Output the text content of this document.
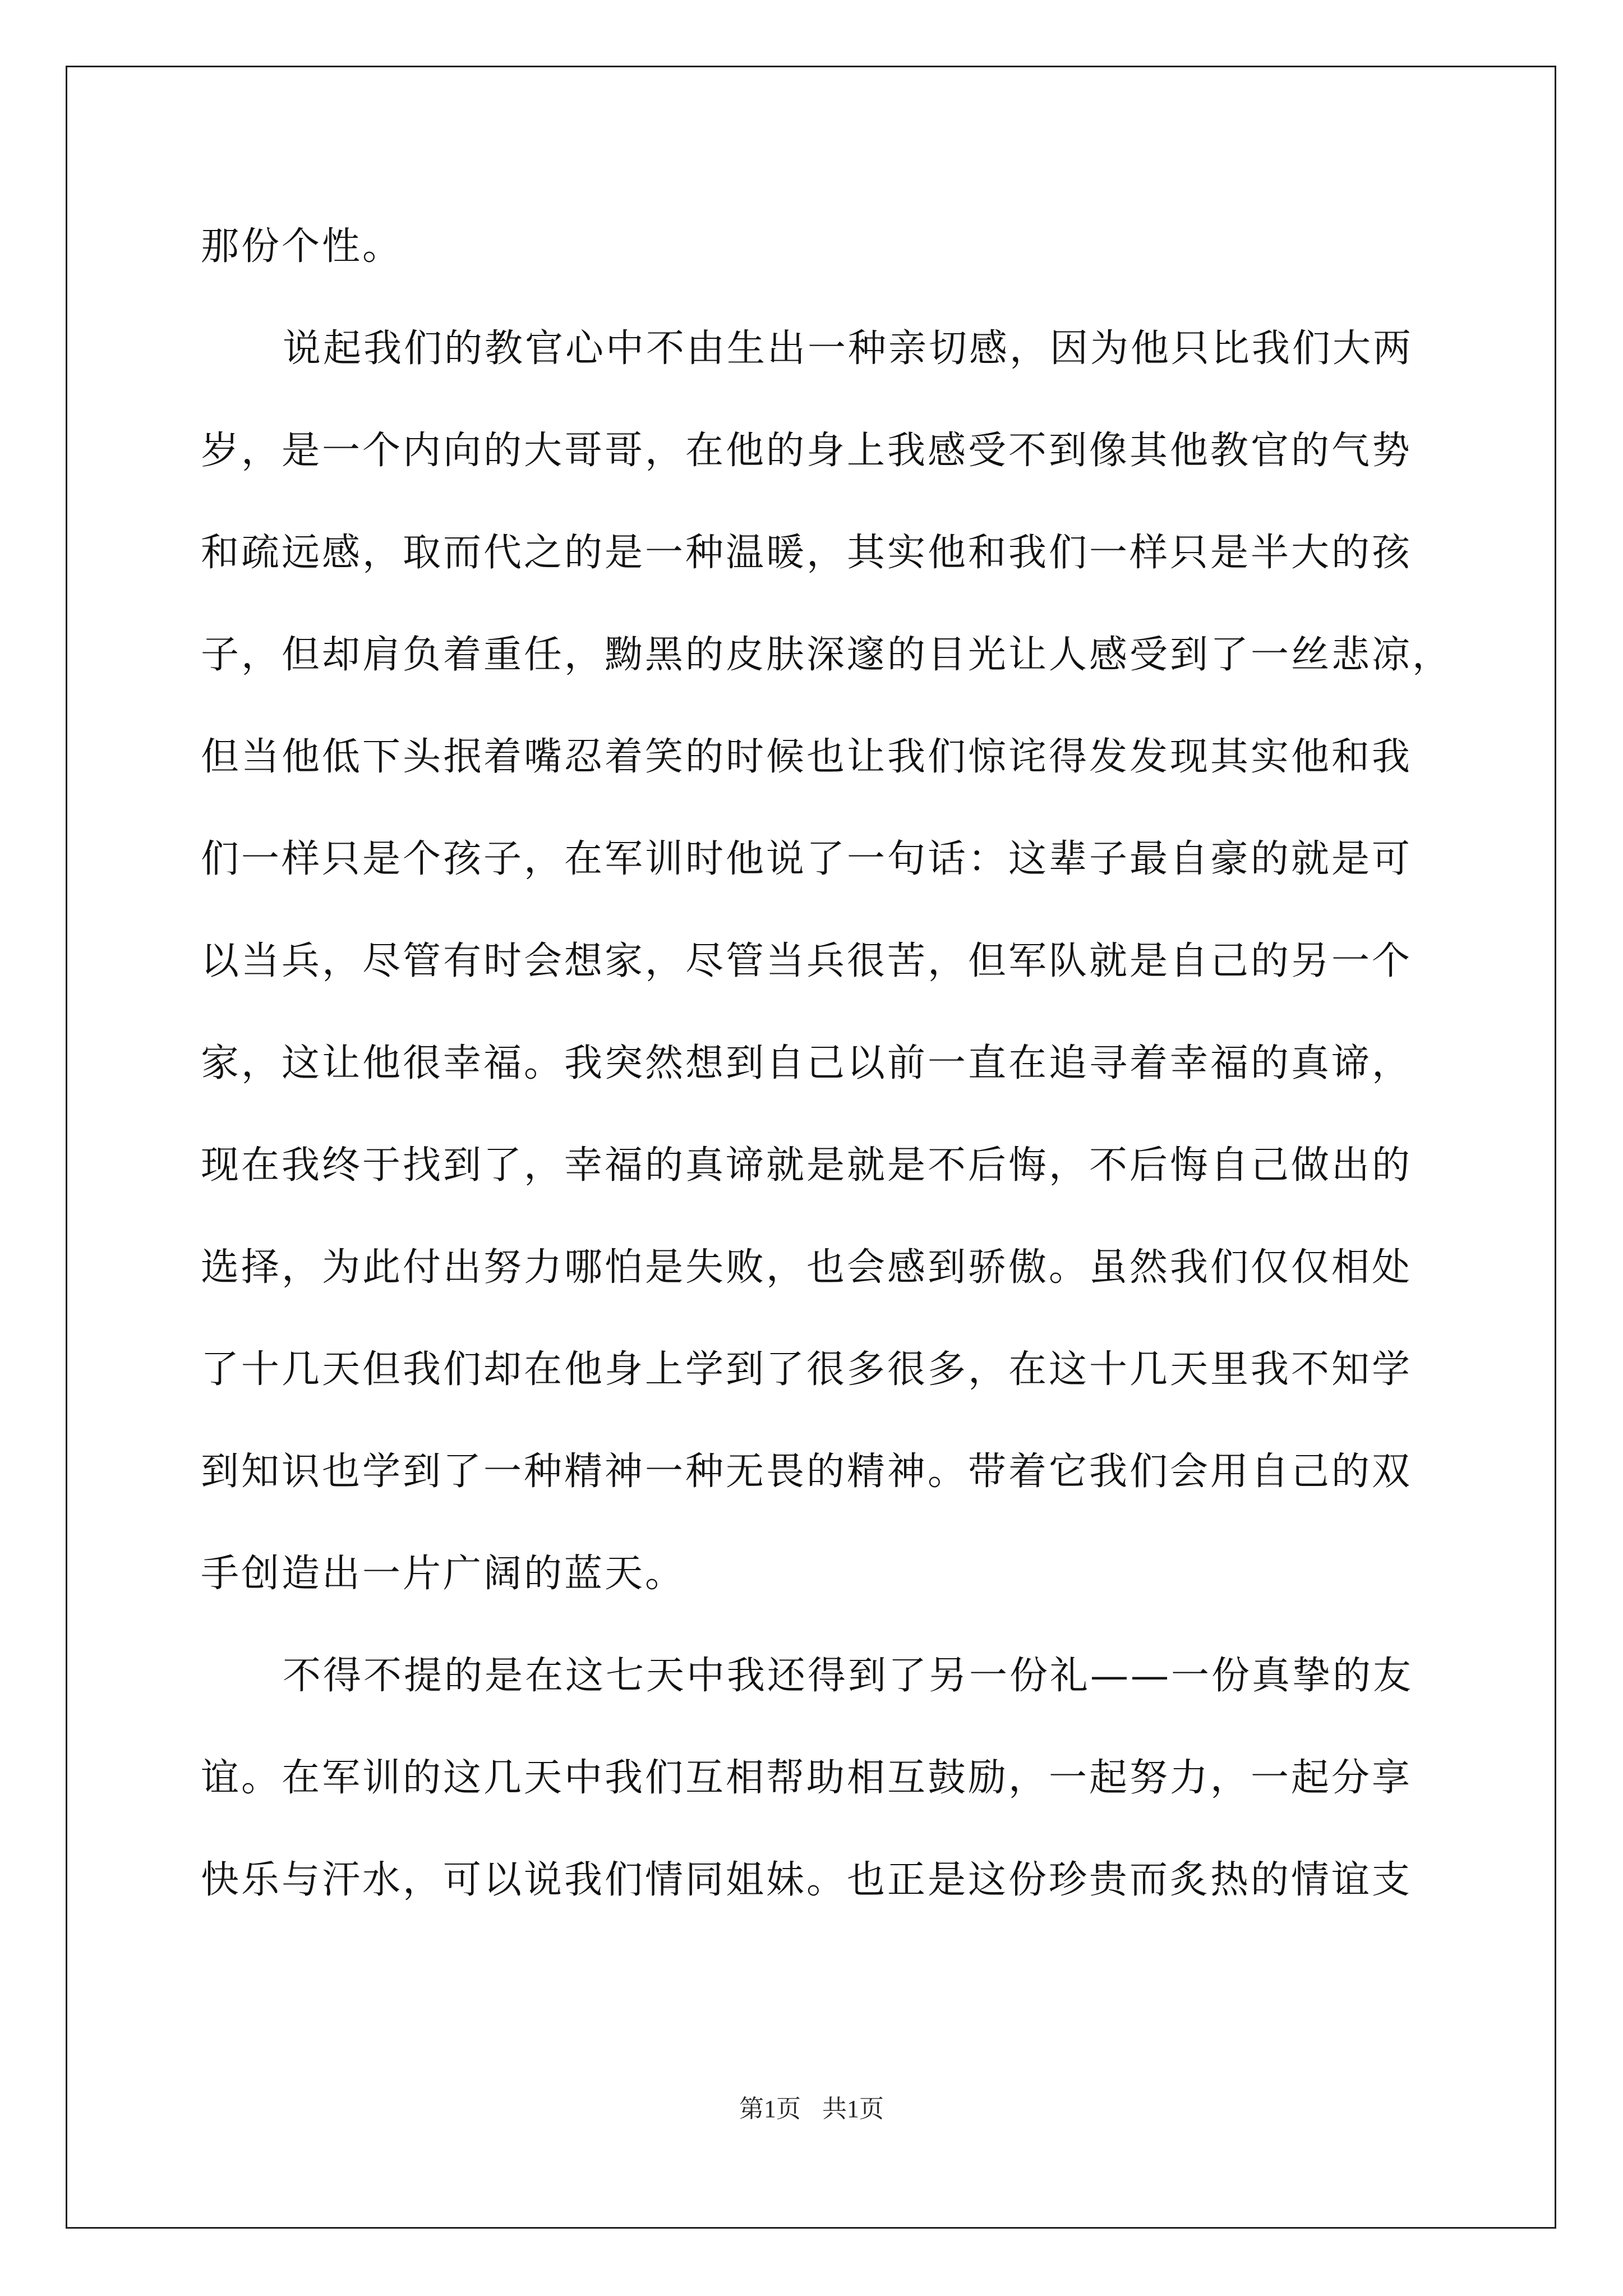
那份个性。
说起我们的教官心中不由生出一种亲切感，因为他只比我们大两
岁，是一个内向的大哥哥，在他的身上我感受不到像其他教官的气势
和疏远感，取而代之的是一种温暖，其实他和我们一样只是半大的孩
子，但却肩负着重任，黝黑的皮肤深邃的目光让人感受到了一丝悲凉，
但当他低下头抿着嘴忍着笑的时候也让我们惊诧得发发现其实他和我
们一样只是个孩子，在军训时他说了一句话：这辈子最自豪的就是可
以当兵，尽管有时会想家，尽管当兵很苦，但军队就是自己的另一个
家，这让他很幸福。我突然想到自己以前一直在追寻着幸福的真谛，
现在我终于找到了，幸福的真谛就是就是不后悔，不后悔自己做出的
选择，为此付出努力哪怕是失败，也会感到骄傲。虽然我们仅仅相处
了十几天但我们却在他身上学到了很多很多，在这十几天里我不知学
到知识也学到了一种精神一种无畏的精神。带着它我们会用自己的双
手创造出一片广阔的蓝天。
不得不提的是在这七天中我还得到了另一份礼——一份真挚的友
谊。在军训的这几天中我们互相帮助相互鼓励，一起努力，一起分享
快乐与汗水，可以说我们情同姐妹。也正是这份珍贵而炙热的情谊支
第1页 共1页
